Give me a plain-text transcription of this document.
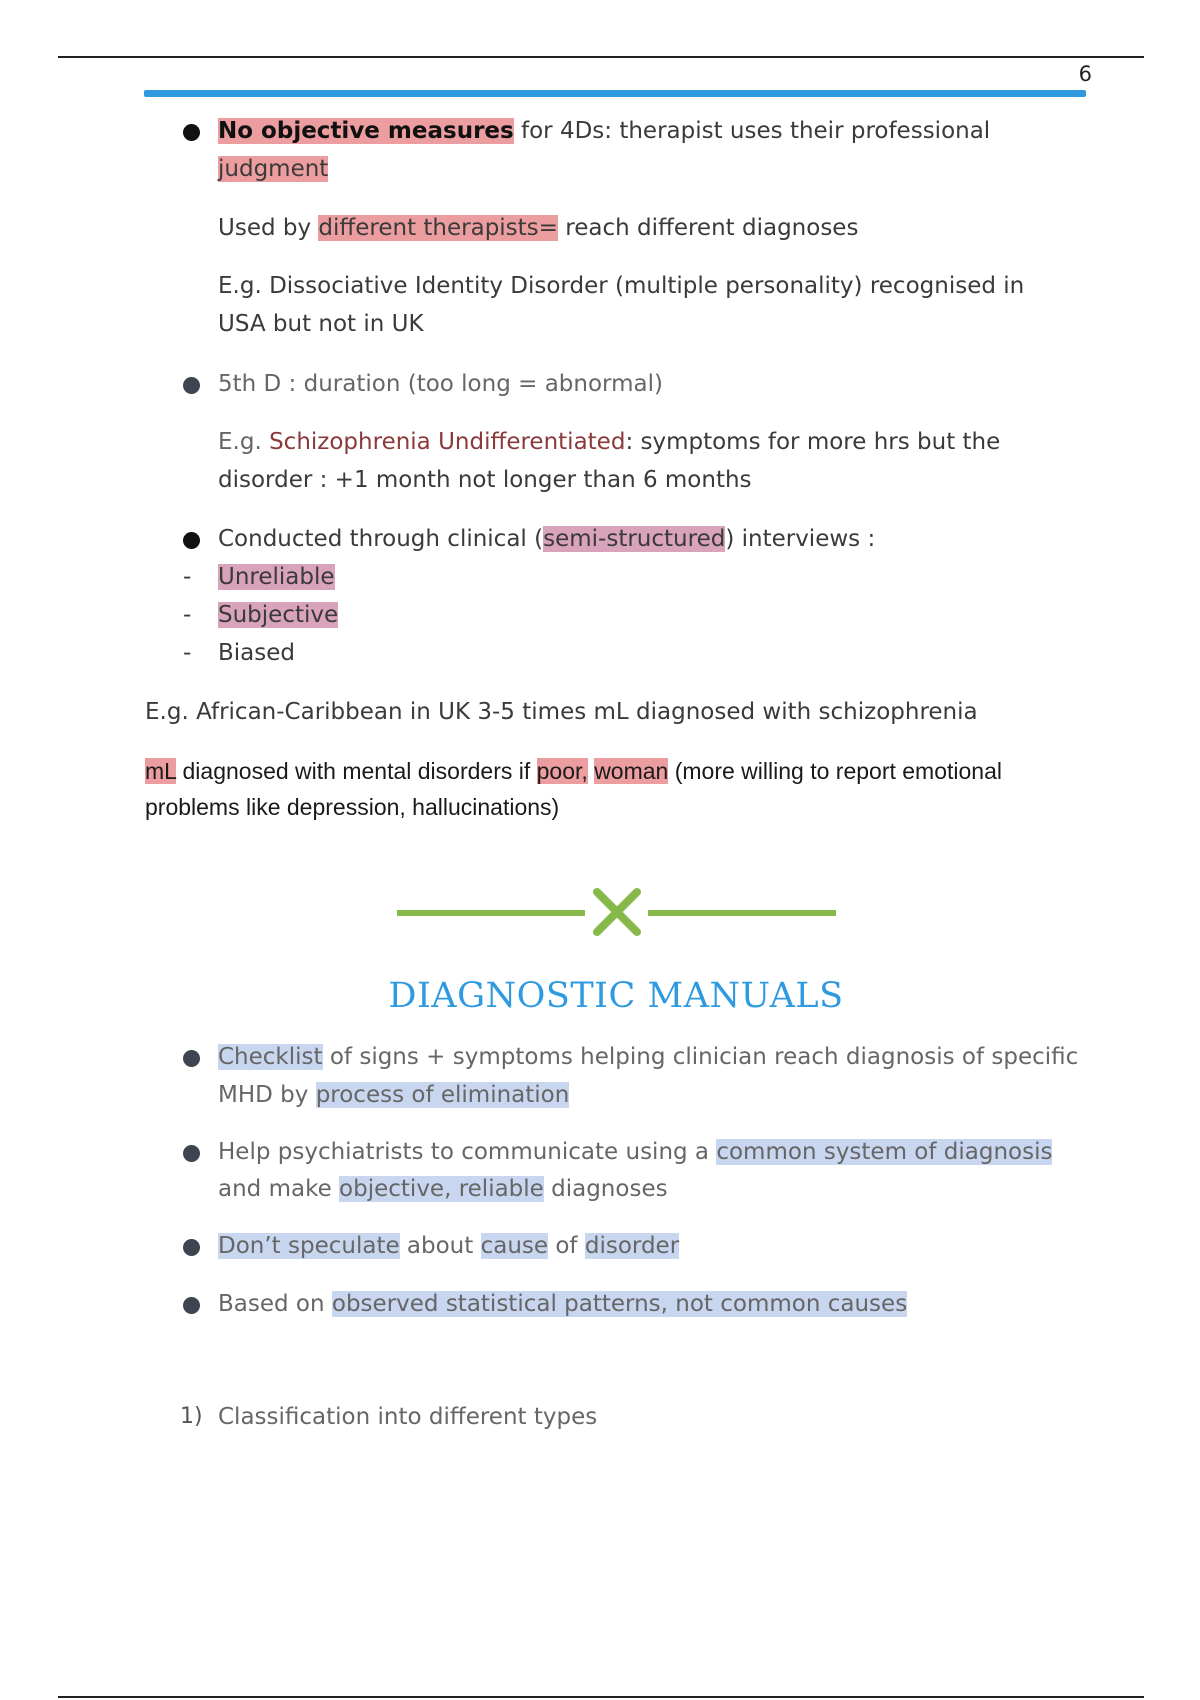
6
No objective measures for 4Ds: therapist uses their professional
judgment
Used by different therapists= reach different diagnoses
E.g. Dissociative Identity Disorder (multiple personality) recognised in
USA but not in UK
5th D : duration (too long = abnormal)
E.g. Schizophrenia Undifferentiated: symptoms for more hrs but the
disorder : +1 month not longer than 6 months
Conducted through clinical (semi-structured) interviews :
- Unreliable
- Subjective
- Biased
E.g. African-Caribbean in UK 3-5 times mL diagnosed with schizophrenia
mL diagnosed with mental disorders if poor, woman (more willing to report emotional
problems like depression, hallucinations)
DIAGNOSTIC MANUALS
Checklist of signs + symptoms helping clinician reach diagnosis of specific
MHD by process of elimination
Help psychiatrists to communicate using a common system of diagnosis
and make objective, reliable diagnoses
Don’t speculate about cause of disorder
Based on observed statistical patterns, not common causes
1) Classification into different types
